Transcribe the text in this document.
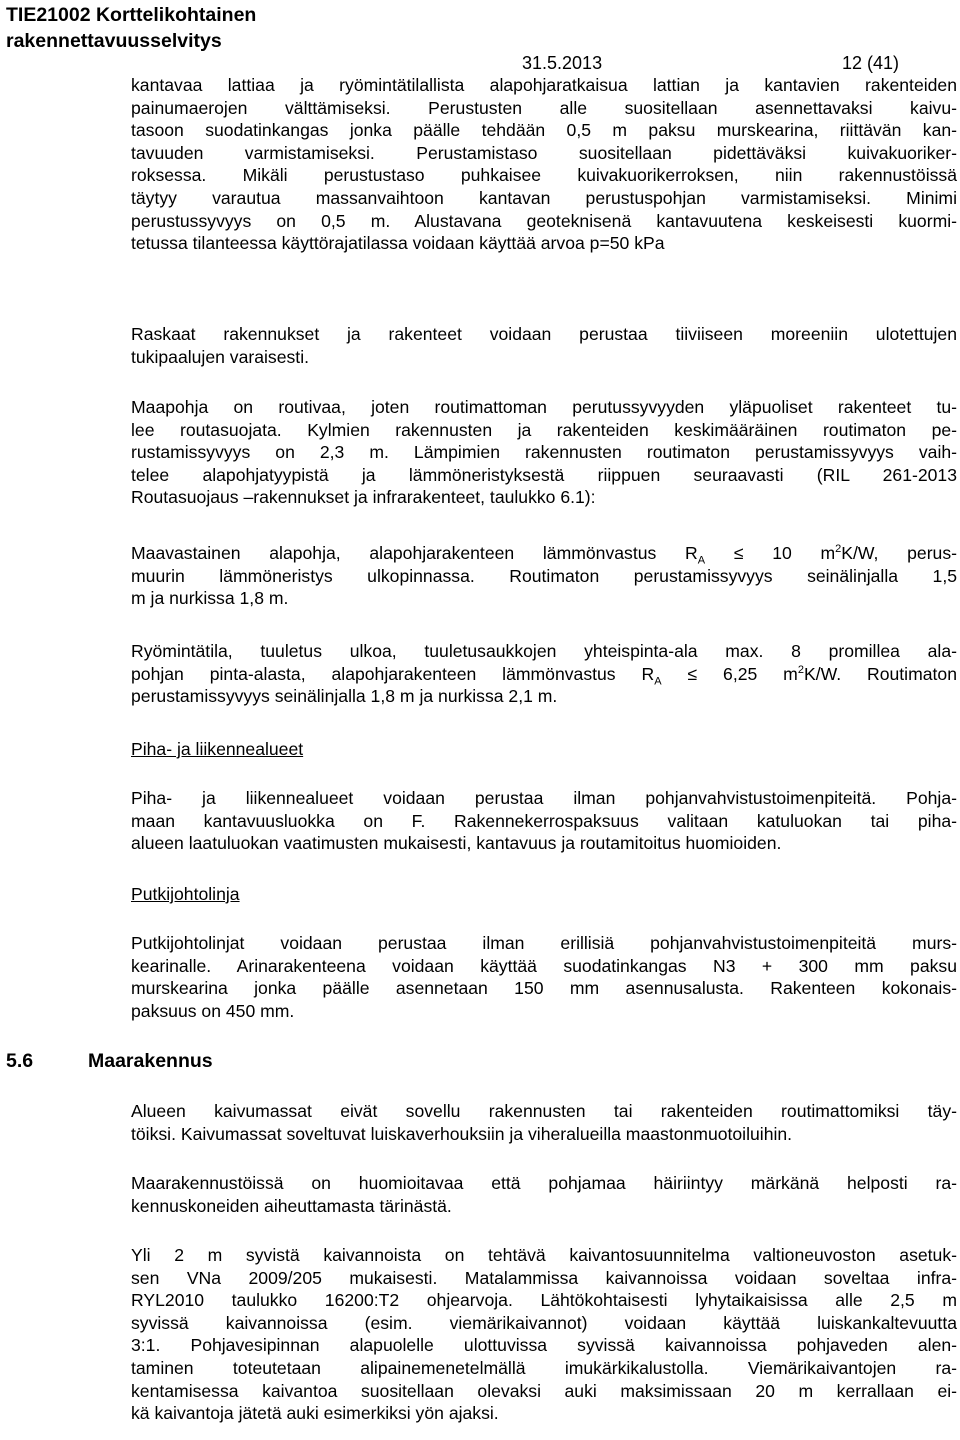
TIE21002 Korttelikohtainen
rakennettavuusselvitys
31.5.2013	12 (41)
kantavaa lattiaa ja ryömintätilallista alapohjaratkaisua lattian ja kantavien rakenteiden
painumaerojen välttämiseksi. Perustusten alle suositellaan asennettavaksi kaivu-
tasoon suodatinkangas jonka päälle tehdään 0,5 m paksu murskearina, riittävän kan-
tavuuden varmistamiseksi. Perustamistaso suositellaan pidettäväksi kuivakuoriker-
roksessa. Mikäli perustustaso puhkaisee kuivakuorikerroksen, niin rakennustöissä
täytyy varautua massanvaihtoon kantavan perustuspohjan varmistamiseksi. Minimi
perustussyvyys on 0,5 m. Alustavana geoteknisenä kantavuutena keskeisesti kuormi-
tetussa tilanteessa käyttörajatilassa voidaan käyttää arvoa p=50 kPa
Raskaat rakennukset ja rakenteet voidaan perustaa tiiviiseen moreeniin ulotettujen
tukipaalujen varaisesti.
Maapohja on routivaa, joten routimattoman perutussyvyyden yläpuoliset rakenteet tu-
lee routasuojata. Kylmien rakennusten ja rakenteiden keskimääräinen routimaton pe-
rustamissyvyys on 2,3 m. Lämpimien rakennusten routimaton perustamissyvyys vaih-
telee alapohjatyypistä ja lämmöneristyksestä riippuen seuraavasti (RIL 261-2013
Routasuojaus –rakennukset ja infrarakenteet, taulukko 6.1):
Maavastainen alapohja, alapohjarakenteen lämmönvastus $R_A \le 10$ $m^2K/W$, perus-
muurin lämmöneristys ulkopinnassa. Routimaton perustamissyvyys seinälinjalla 1,5
m ja nurkissa 1,8 m.
Ryömintätila, tuuletus ulkoa, tuuletusaukkojen yhteispinta-ala max. 8 promillea ala-
pohjan pinta-alasta, alapohjarakenteen lämmönvastus $R_A \le 6,25$ $m^2K/W$. Routimaton
perustamissyvyys seinälinjalla 1,8 m ja nurkissa 2,1 m.
Piha- ja liikennealueet
Piha- ja liikennealueet voidaan perustaa ilman pohjanvahvistustoimenpiteitä. Pohja-
maan kantavuusluokka on F. Rakennekerrospaksuus valitaan katuluokan tai piha-
alueen laatuluokan vaatimusten mukaisesti, kantavuus ja routamitoitus huomioiden.
Putkijohtolinja
Putkijohtolinjat voidaan perustaa ilman erillisiä pohjanvahvistustoimenpiteitä murs-
kearinalle. Arinarakenteena voidaan käyttää suodatinkangas N3 + 300 mm paksu
murskearina jonka päälle asennetaan 150 mm asennusalusta. Rakenteen kokonais-
paksuus on 450 mm.
5.6	Maarakennus
Alueen kaivumassat eivät sovellu rakennusten tai rakenteiden routimattomiksi täy-
töiksi. Kaivumassat soveltuvat luiskaverhouksiin ja viheralueilla maastonmuotoiluihin.
Maarakennustöissä on huomioitavaa että pohjamaa häiriintyy märkänä helposti ra-
kennuskoneiden aiheuttamasta tärinästä.
Yli 2 m syvistä kaivannoista on tehtävä kaivantosuunnitelma valtioneuvoston asetuk-
sen VNa 2009/205 mukaisesti. Matalammissa kaivannoissa voidaan soveltaa infra-
RYL2010 taulukko 16200:T2 ohjearvoja. Lähtökohtaisesti lyhytaikaisissa alle 2,5 m
syvissä kaivannoissa (esim. viemärikaivannot) voidaan käyttää luiskankaltevuutta
3:1. Pohjavesipinnan alapuolelle ulottuvissa syvissä kaivannoissa pohjaveden alen-
taminen toteutetaan alipainemenetelmällä imukärkikalustolla. Viemärikaivantojen ra-
kentamisessa kaivantoa suositellaan olevaksi auki maksimissaan 20 m kerrallaan ei-
kä kaivantoja jätetä auki esimerkiksi yön ajaksi.
